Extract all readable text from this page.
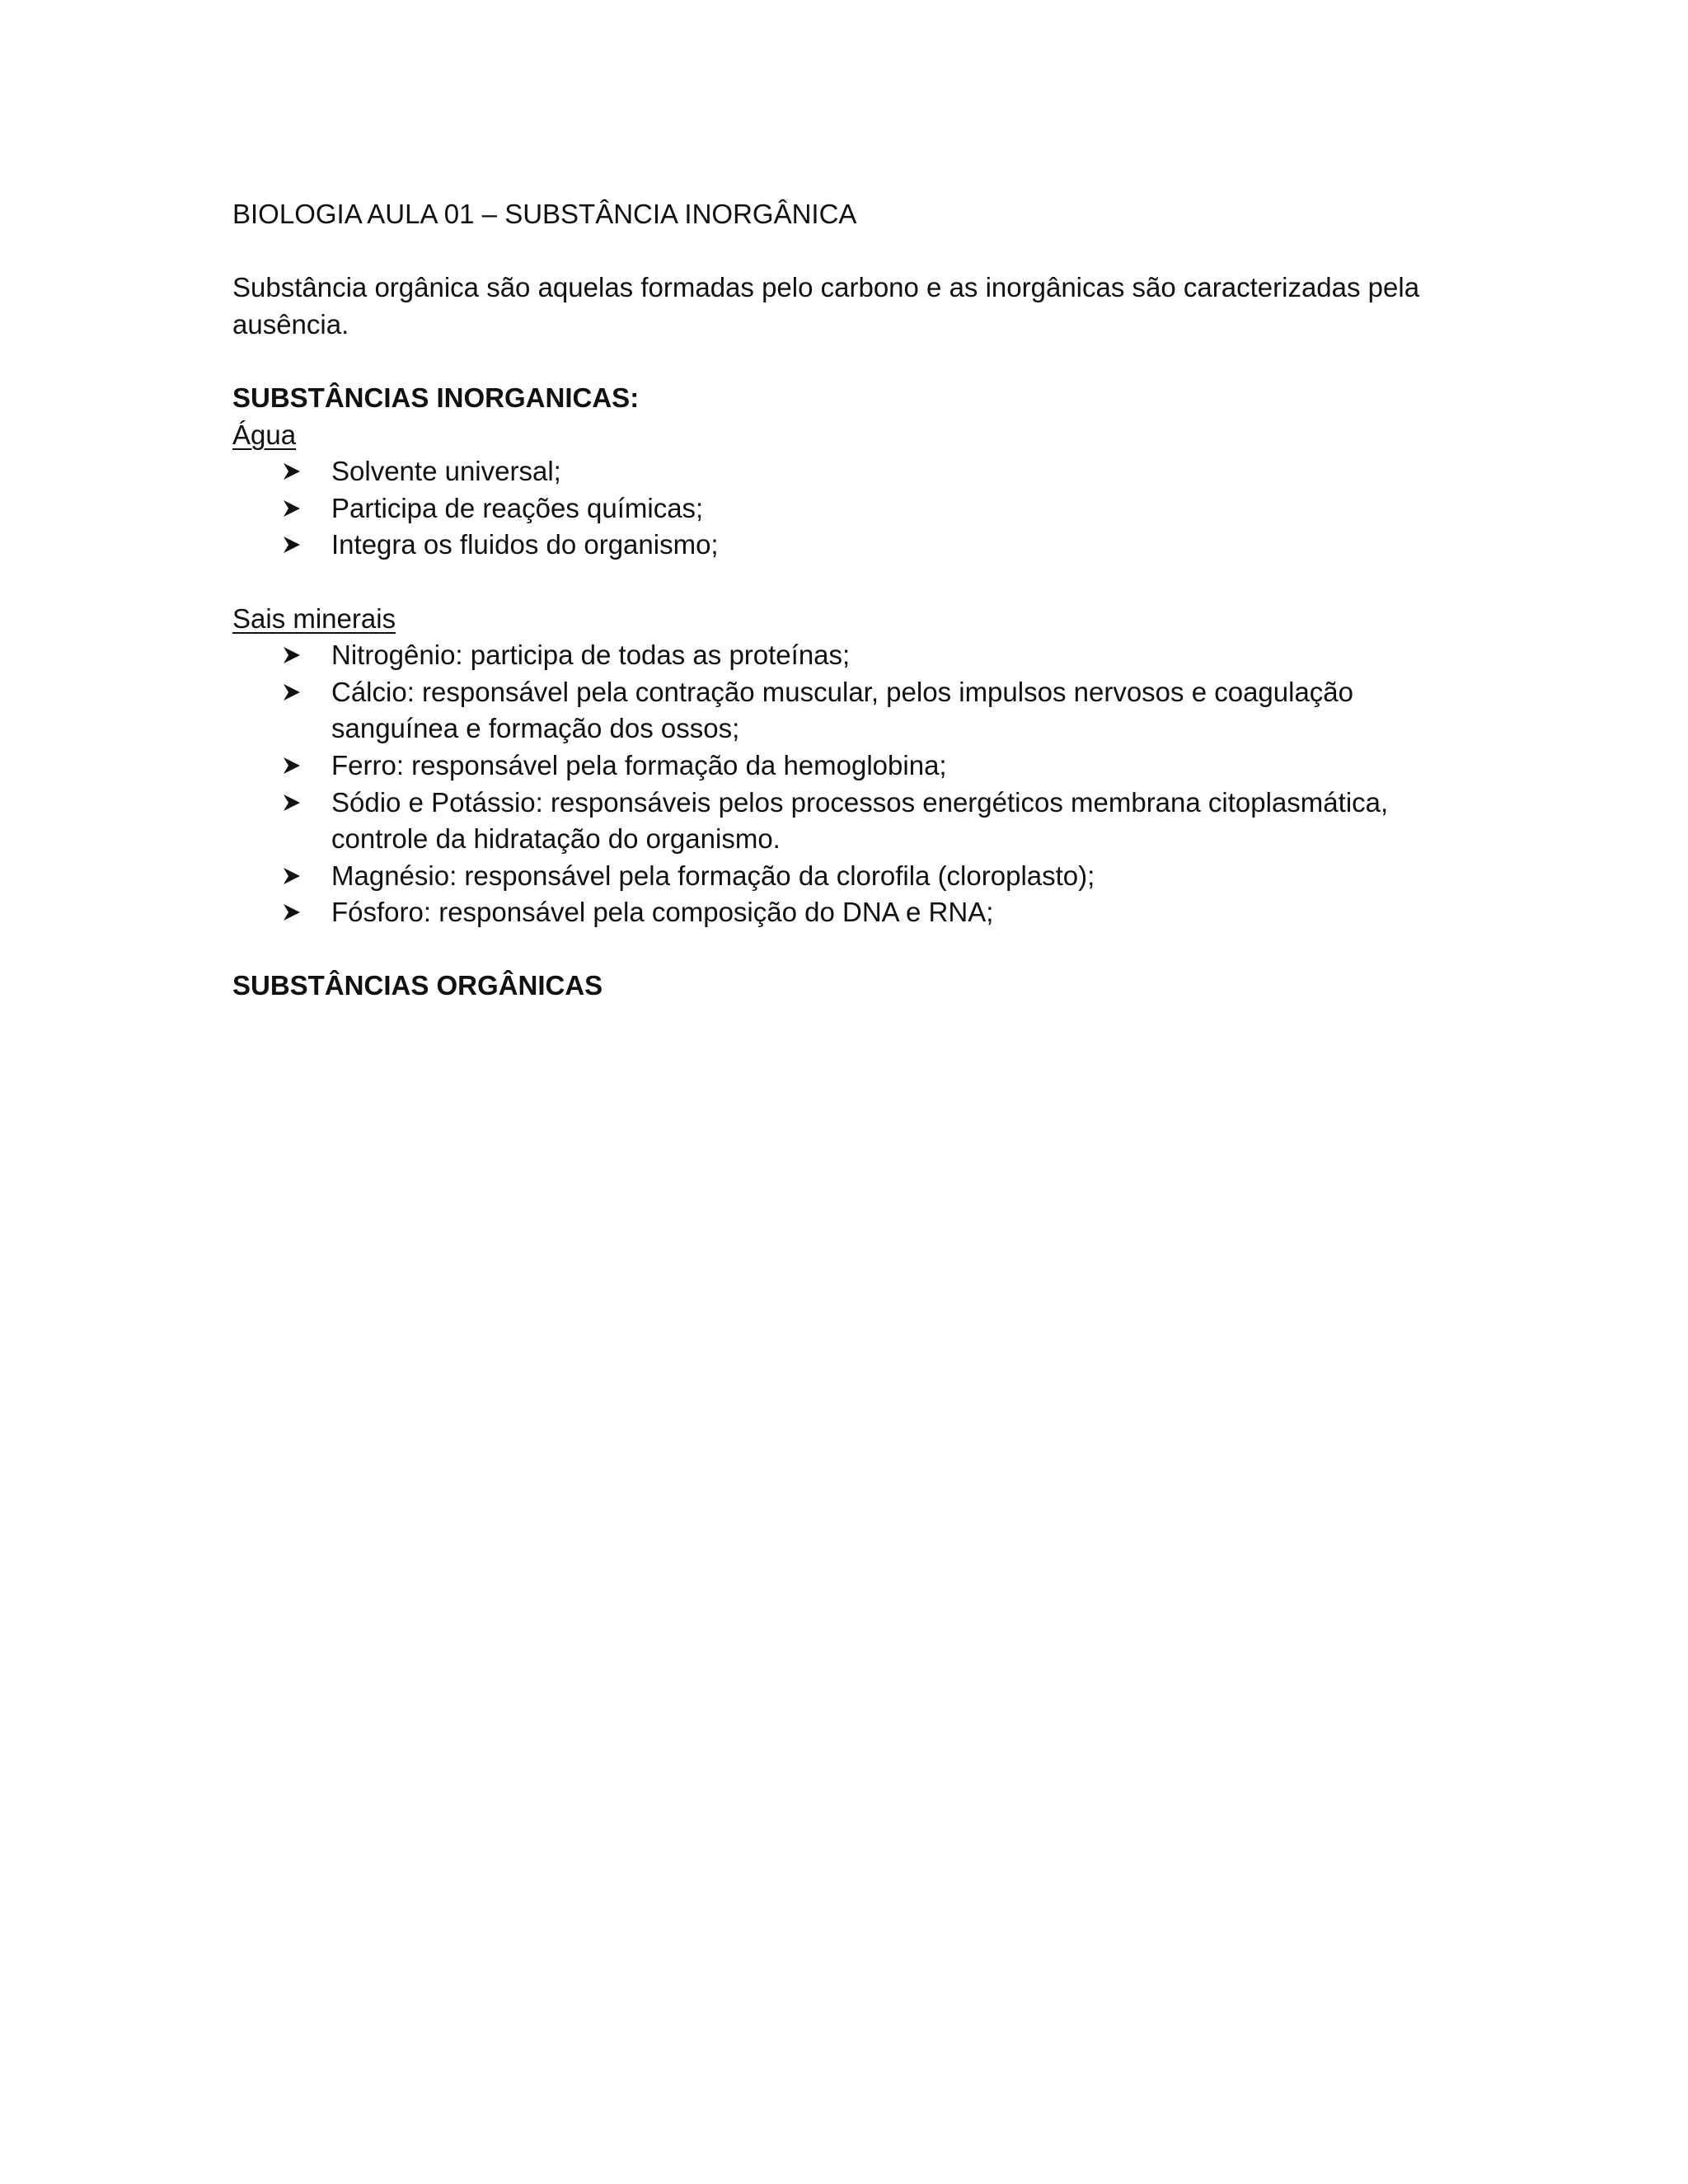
BIOLOGIA AULA 01 – SUBSTÂNCIA INORGÂNICA

Substância orgânica são aquelas formadas pelo carbono e as inorgânicas são caracterizadas pela ausência.

SUBSTÂNCIAS INORGANICAS:

Água

Solvente universal;
Participa de reações químicas;
Integra os fluidos do organismo;

Sais minerais

Nitrogênio: participa de todas as proteínas;
Cálcio: responsável pela contração muscular, pelos impulsos nervosos e coagulação sanguínea e formação dos ossos;
Ferro: responsável pela formação da hemoglobina;
Sódio e Potássio: responsáveis pelos processos energéticos membrana citoplasmática, controle da hidratação do organismo.
Magnésio: responsável pela formação da clorofila (cloroplasto);
Fósforo: responsável pela composição do DNA e RNA;

SUBSTÂNCIAS ORGÂNICAS
